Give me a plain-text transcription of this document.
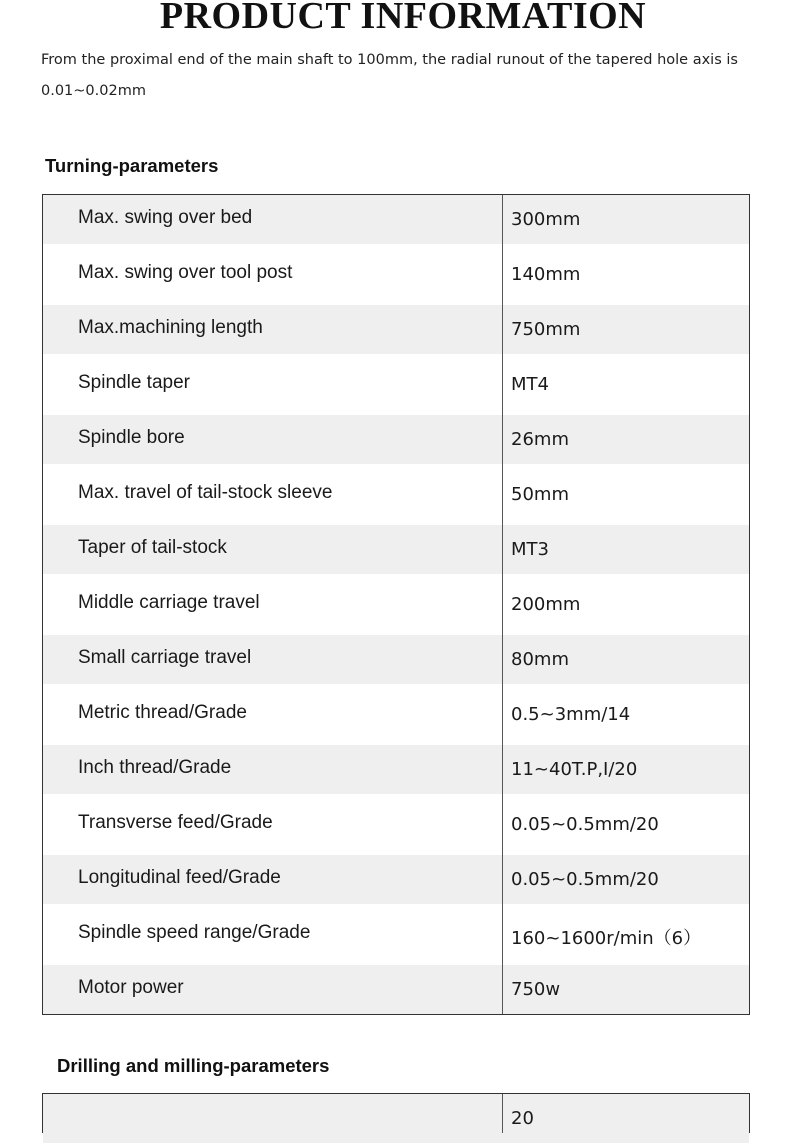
PRODUCT INFORMATION

From the proximal end of the main shaft to 100mm, the radial runout of the tapered hole axis is 0.01~0.02mm

Turning-parameters
Max. swing over bed	300mm
Max. swing over tool post	140mm
Max.machining length	750mm
Spindle taper	MT4
Spindle bore	26mm
Max. travel of tail-stock sleeve	50mm
Taper of tail-stock	MT3
Middle carriage travel	200mm
Small carriage travel	80mm
Metric thread/Grade	0.5~3mm/14
Inch thread/Grade	11~40T.P,I/20
Transverse feed/Grade	0.05~0.5mm/20
Longitudinal feed/Grade	0.05~0.5mm/20
Spindle speed range/Grade	160~1600r/min（6）
Motor power	750w
Drilling and milling-parameters
20
